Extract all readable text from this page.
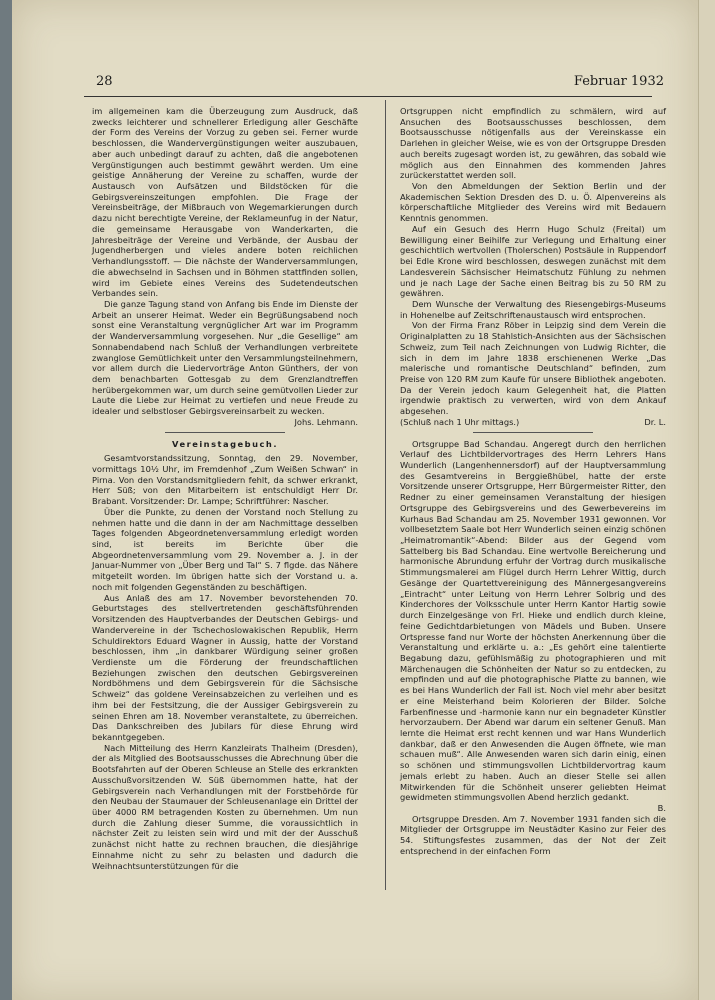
28	Februar 1932

im allgemeinen kam die Überzeugung zum Ausdruck, daß zwecks leichterer und schnellerer Erledigung aller Geschäfte der Form des Vereins der Vorzug zu geben sei. Ferner wurde beschlossen, die Wandervergünstigungen weiter auszubauen, aber auch unbedingt darauf zu achten, daß die angebotenen Vergünstigungen auch bestimmt gewährt werden. Um eine geistige Annäherung der Vereine zu schaffen, wurde der Austausch von Aufsätzen und Bildstöcken für die Gebirgsvereinszeitungen empfohlen. Die Frage der Vereinsbeiträge, der Mißbrauch von Wegemarkierungen durch dazu nicht berechtigte Vereine, der Reklameunfug in der Natur, die gemeinsame Herausgabe von Wanderkarten, die Jahresbeiträge der Vereine und Verbände, der Ausbau der Jugendherbergen und vieles andere boten reichlichen Verhandlungsstoff. — Die nächste der Wanderversammlungen, die abwechselnd in Sachsen und in Böhmen stattfinden sollen, wird im Gebiete eines Vereins des Sudetendeutschen Verbandes sein.

Die ganze Tagung stand von Anfang bis Ende im Dienste der Arbeit an unserer Heimat. Weder ein Begrüßungsabend noch sonst eine Veranstaltung vergnüglicher Art war im Programm der Wanderversammlung vorgesehen. Nur „die Gesellige“ am Sonnabendabend nach Schluß der Verhandlungen verbreitete zwanglose Gemütlichkeit unter den Versammlungsteilnehmern, vor allem durch die Liedervorträge Anton Günthers, der von dem benachbarten Gottesgab zu dem Grenzlandtreffen herübergekommen war, um durch seine gemütvollen Lieder zur Laute die Liebe zur Heimat zu vertiefen und neue Freude zu idealer und selbstloser Gebirgsvereinsarbeit zu wecken.

Johs. Lehmann.

Vereinstagebuch.

Gesamtvorstandssitzung, Sonntag, den 29. November, vormittags 10½ Uhr, im Fremdenhof „Zum Weißen Schwan“ in Pirna. Von den Vorstandsmitgliedern fehlt, da schwer erkrankt, Herr Süß; von den Mitarbeitern ist entschuldigt Herr Dr. Brabant. Vorsitzender: Dr. Lampe; Schriftführer: Nascher.

Über die Punkte, zu denen der Vorstand noch Stellung zu nehmen hatte und die dann in der am Nachmittage desselben Tages folgenden Abgeordnetenversammlung erledigt worden sind, ist bereits im Berichte über die Abgeordnetenversammlung vom 29. November a. J. in der Januar-Nummer von „Über Berg und Tal“ S. 7 flgde. das Nähere mitgeteilt worden. Im übrigen hatte sich der Vorstand u. a. noch mit folgenden Gegenständen zu beschäftigen.

Aus Anlaß des am 17. November bevorstehenden 70. Geburtstages des stellvertretenden geschäftsführenden Vorsitzenden des Hauptverbandes der Deutschen Gebirgs- und Wandervereine in der Tschechoslowakischen Republik, Herrn Schuldirektors Eduard Wagner in Aussig, hatte der Vorstand beschlossen, ihm „in dankbarer Würdigung seiner großen Verdienste um die Förderung der freundschaftlichen Beziehungen zwischen den deutschen Gebirgsvereinen Nordböhmens und dem Gebirgsverein für die Sächsische Schweiz“ das goldene Vereinsabzeichen zu verleihen und es ihm bei der Festsitzung, die der Aussiger Gebirgsverein zu seinen Ehren am 18. November veranstaltete, zu überreichen. Das Dankschreiben des Jubilars für diese Ehrung wird bekanntgegeben.

Nach Mitteilung des Herrn Kanzleirats Thalheim (Dresden), der als Mitglied des Bootsausschusses die Abrechnung über die Bootsfahrten auf der Oberen Schleuse an Stelle des erkrankten Ausschußvorsitzenden W. Süß übernommen hatte, hat der Gebirgsverein nach Verhandlungen mit der Forstbehörde für den Neubau der Staumauer der Schleusenanlage ein Drittel der über 4000 RM betragenden Kosten zu übernehmen. Um nun durch die Zahlung dieser Summe, die voraussichtlich in nächster Zeit zu leisten sein wird und mit der der Ausschuß zunächst nicht hatte zu rechnen brauchen, die diesjährige Einnahme nicht zu sehr zu belasten und dadurch die Weihnachtsunterstützungen für die

Ortsgruppen nicht empfindlich zu schmälern, wird auf Ansuchen des Bootsausschusses beschlossen, dem Bootsausschusse nötigenfalls aus der Vereinskasse ein Darlehen in gleicher Weise, wie es von der Ortsgruppe Dresden auch bereits zugesagt worden ist, zu gewähren, das sobald wie möglich aus den Einnahmen des kommenden Jahres zurückerstattet werden soll.

Von den Abmeldungen der Sektion Berlin und der Akademischen Sektion Dresden des D. u. Ö. Alpenvereins als körperschaftliche Mitglieder des Vereins wird mit Bedauern Kenntnis genommen.

Auf ein Gesuch des Herrn Hugo Schulz (Freital) um Bewilligung einer Beihilfe zur Verlegung und Erhaltung einer geschichtlich wertvollen (Tholerschen) Postsäule in Ruppendorf bei Edle Krone wird beschlossen, deswegen zunächst mit dem Landesverein Sächsischer Heimatschutz Fühlung zu nehmen und je nach Lage der Sache einen Beitrag bis zu 50 RM zu gewähren.

Dem Wunsche der Verwaltung des Riesengebirgs-Museums in Hohenelbe auf Zeitschriftenaustausch wird entsprochen.

Von der Firma Franz Röber in Leipzig sind dem Verein die Originalplatten zu 18 Stahlstich-Ansichten aus der Sächsischen Schweiz, zum Teil nach Zeichnungen von Ludwig Richter, die sich in dem im Jahre 1838 erschienenen Werke „Das malerische und romantische Deutschland“ befinden, zum Preise von 120 RM zum Kaufe für unsere Bibliothek angeboten. Da der Verein jedoch kaum Gelegenheit hat, die Platten irgendwie praktisch zu verwerten, wird von dem Ankauf abgesehen.

(Schluß nach 1 Uhr mittags.)	Dr. L.

Ortsgruppe Bad Schandau. Angeregt durch den herrlichen Verlauf des Lichtbildervortrages des Herrn Lehrers Hans Wunderlich (Langenhennersdorf) auf der Hauptversammlung des Gesamtvereins in Berggießhübel, hatte der erste Vorsitzende unserer Ortsgruppe, Herr Bürgermeister Ritter, den Redner zu einer gemeinsamen Veranstaltung der hiesigen Ortsgruppe des Gebirgsvereins und des Gewerbevereins im Kurhaus Bad Schandau am 25. November 1931 gewonnen. Vor vollbesetztem Saale bot Herr Wunderlich seinen einzig schönen „Heimatromantik“-Abend: Bilder aus der Gegend vom Sattelberg bis Bad Schandau. Eine wertvolle Bereicherung und harmonische Abrundung erfuhr der Vortrag durch musikalische Stimmungsmalerei am Flügel durch Herrn Lehrer Wittig, durch Gesänge der Quartettvereinigung des Männergesangvereins „Eintracht“ unter Leitung von Herrn Lehrer Solbrig und des Kinderchores der Volksschule unter Herrn Kantor Hartig sowie durch Einzelgesänge von Frl. Hieke und endlich durch kleine, feine Gedichtdarbietungen von Mädels und Buben. Unsere Ortspresse fand nur Worte der höchsten Anerkennung über die Veranstaltung und erklärte u. a.: „Es gehört eine talentierte Begabung dazu, gefühlsmäßig zu photographieren und mit Märchenaugen die Schönheiten der Natur so zu entdecken, zu empfinden und auf die photographische Platte zu bannen, wie es bei Hans Wunderlich der Fall ist. Noch viel mehr aber besitzt er eine Meisterhand beim Kolorieren der Bilder. Solche Farbenfinesse und -harmonie kann nur ein begnadeter Künstler hervorzaubern. Der Abend war darum ein seltener Genuß. Man lernte die Heimat erst recht kennen und war Hans Wunderlich dankbar, daß er den Anwesenden die Augen öffnete, wie man schauen muß“. Alle Anwesenden waren sich darin einig, einen so schönen und stimmungsvollen Lichtbildervortrag kaum jemals erlebt zu haben. Auch an dieser Stelle sei allen Mitwirkenden für die Schönheit unserer geliebten Heimat gewidmeten stimmungsvollen Abend herzlich gedankt.

B.

Ortsgruppe Dresden. Am 7. November 1931 fanden sich die Mitglieder der Ortsgruppe im Neustädter Kasino zur Feier des 54. Stiftungsfestes zusammen, das der Not der Zeit entsprechend in der einfachen Form
